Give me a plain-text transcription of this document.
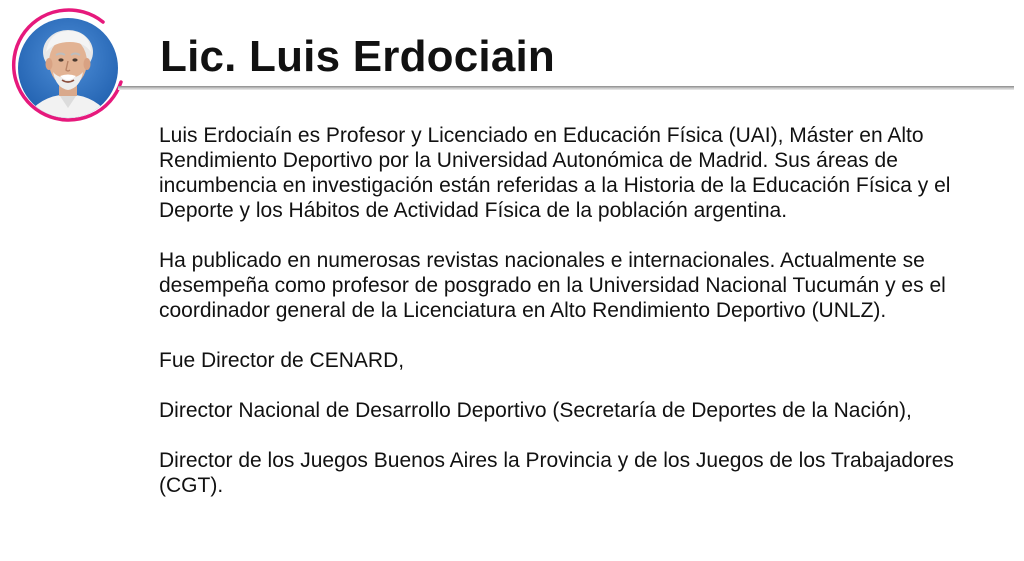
Lic. Luis Erdociain

Luis Erdociaín es Profesor y Licenciado en Educación Física (UAI), Máster en Alto Rendimiento Deportivo por la Universidad Autonómica de Madrid. Sus áreas de incumbencia en investigación están referidas a la Historia de la Educación Física y el Deporte y los Hábitos de Actividad Física de la población argentina.

Ha publicado en numerosas revistas nacionales e internacionales. Actualmente se desempeña como profesor de posgrado en la Universidad Nacional Tucumán y es el coordinador general de la Licenciatura en Alto Rendimiento Deportivo (UNLZ).

Fue Director de CENARD,

Director Nacional de Desarrollo Deportivo (Secretaría de Deportes de la Nación),

Director de los Juegos Buenos Aires la Provincia y de los Juegos de los Trabajadores (CGT).
